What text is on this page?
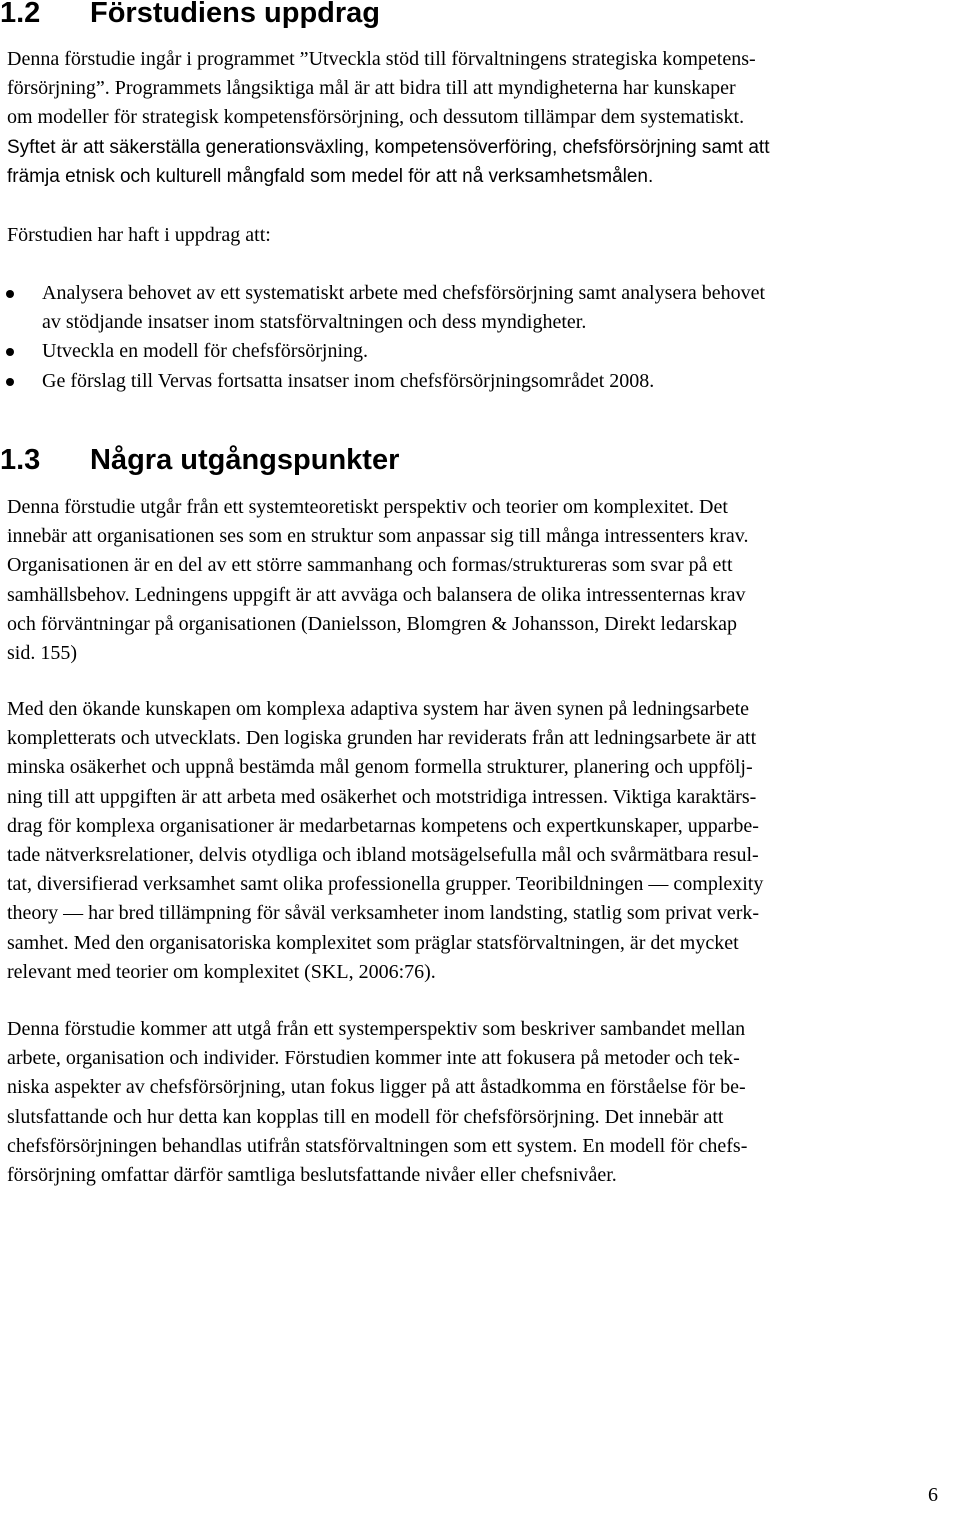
1.2 Förstudiens uppdrag

Denna förstudie ingår i programmet ”Utveckla stöd till förvaltningens strategiska kompetens-
försörjning”. Programmets långsiktiga mål är att bidra till att myndigheterna har kunskaper
om modeller för strategisk kompetensförsörjning, och dessutom tillämpar dem systematiskt.
Syftet är att säkerställa generationsväxling, kompetensöverföring, chefsförsörjning samt att
främja etnisk och kulturell mångfald som medel för att nå verksamhetsmålen.

Förstudien har haft i uppdrag att:

Analysera behovet av ett systematiskt arbete med chefsförsörjning samt analysera behovet
av stödjande insatser inom statsförvaltningen och dess myndigheter.
Utveckla en modell för chefsförsörjning.
Ge förslag till Vervas fortsatta insatser inom chefsförsörjningsområdet 2008.
1.3 Några utgångspunkter

Denna förstudie utgår från ett systemteoretiskt perspektiv och teorier om komplexitet. Det
innebär att organisationen ses som en struktur som anpassar sig till många intressenters krav.
Organisationen är en del av ett större sammanhang och formas/struktureras som svar på ett
samhällsbehov. Ledningens uppgift är att avväga och balansera de olika intressenternas krav
och förväntningar på organisationen (Danielsson, Blomgren & Johansson, Direkt ledarskap
sid. 155)

Med den ökande kunskapen om komplexa adaptiva system har även synen på ledningsarbete
kompletterats och utvecklats. Den logiska grunden har reviderats från att ledningsarbete är att
minska osäkerhet och uppnå bestämda mål genom formella strukturer, planering och uppfölj-
ning till att uppgiften är att arbeta med osäkerhet och motstridiga intressen. Viktiga karaktärs-
drag för komplexa organisationer är medarbetarnas kompetens och expertkunskaper, upparbe-
tade nätverksrelationer, delvis otydliga och ibland motsägelsefulla mål och svårmätbara resul-
tat, diversifierad verksamhet samt olika professionella grupper. Teoribildningen — complexity
theory — har bred tillämpning för såväl verksamheter inom landsting, statlig som privat verk-
samhet. Med den organisatoriska komplexitet som präglar statsförvaltningen, är det mycket
relevant med teorier om komplexitet (SKL, 2006:76).

Denna förstudie kommer att utgå från ett systemperspektiv som beskriver sambandet mellan
arbete, organisation och individer. Förstudien kommer inte att fokusera på metoder och tek-
niska aspekter av chefsförsörjning, utan fokus ligger på att åstadkomma en förståelse för be-
slutsfattande och hur detta kan kopplas till en modell för chefsförsörjning. Det innebär att
chefsförsörjningen behandlas utifrån statsförvaltningen som ett system. En modell för chefs-
försörjning omfattar därför samtliga beslutsfattande nivåer eller chefsnivåer.

6
